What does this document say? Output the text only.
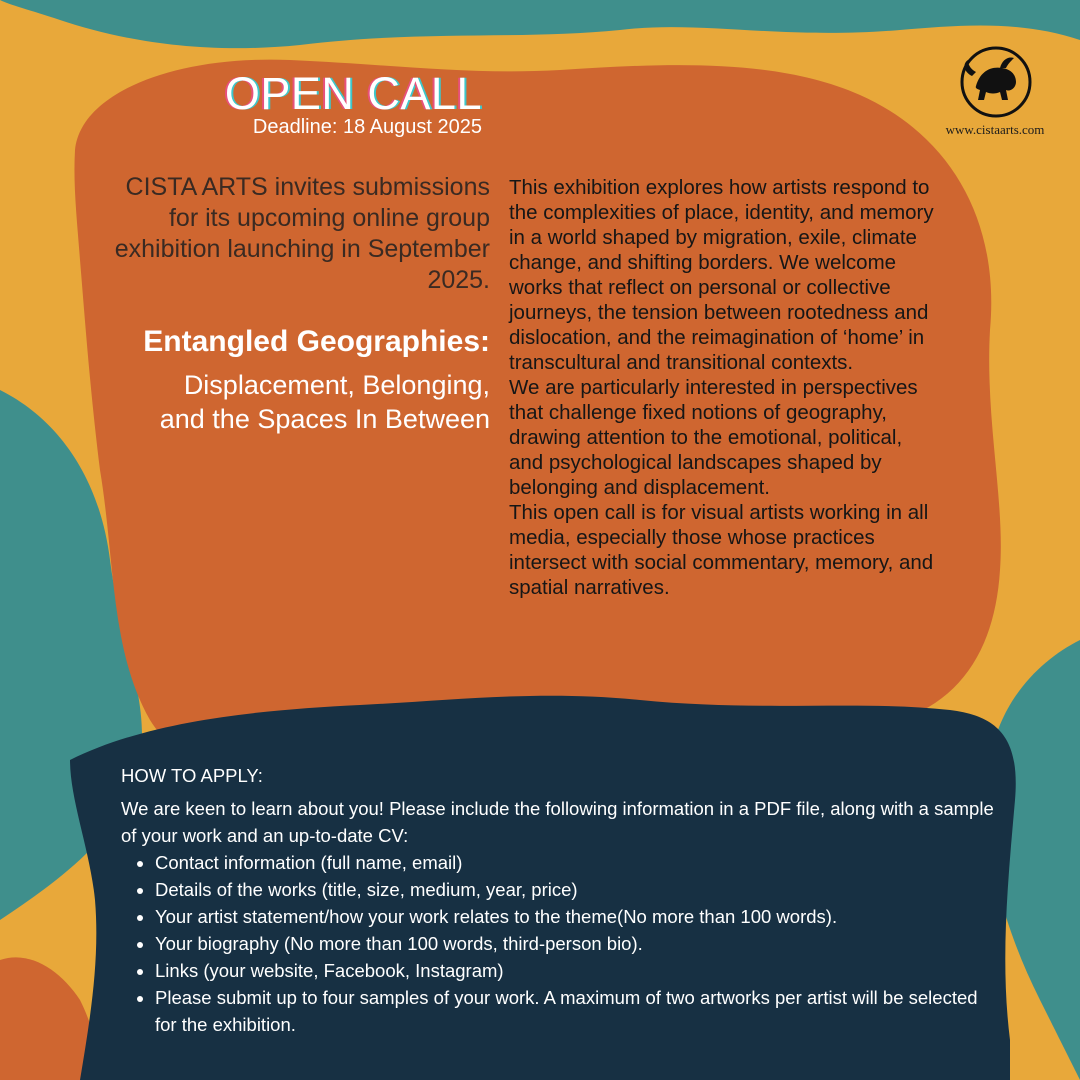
www.cistaarts.com
OPEN CALL
Deadline: 18 August 2025
CISTA ARTS invites submissions for its upcoming online group exhibition launching in September 2025.
Entangled Geographies:
Displacement, Belonging,
and the Spaces In Between

This exhibition explores how artists respond to the complexities of place, identity, and memory in a world shaped by migration, exile, climate change, and shifting borders. We welcome works that reflect on personal or collective journeys, the tension between rootedness and dislocation, and the reimagination of ‘home’ in transcultural and transitional contexts.

We are particularly interested in perspectives that challenge fixed notions of geography, drawing attention to the emotional, political, and psychological landscapes shaped by belonging and displacement.

This open call is for visual artists working in all media, especially those whose practices intersect with social commentary, memory, and spatial narratives.

HOW TO APPLY:

We are keen to learn about you! Please include the following information in a PDF file, along with a sample of your work and an up-to-date CV:

• Contact information (full name, email)
• Details of the works (title, size, medium, year, price)
• Your artist statement/how your work relates to the theme(No more than 100 words).
• Your biography (No more than 100 words, third-person bio).
• Links (your website, Facebook, Instagram)
• Please submit up to four samples of your work. A maximum of two artworks per artist will be selected for the exhibition.
